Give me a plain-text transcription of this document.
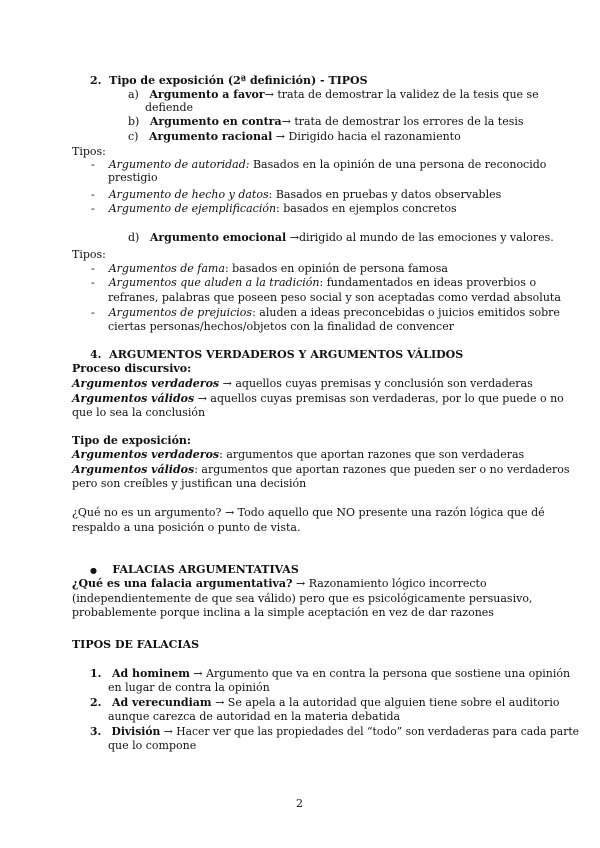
2. Tipo de exposición (2ª definición) - TIPOS
a) Argumento a favor→ trata de demostrar la validez de la tesis que se
defiende
b) Argumento en contra→ trata de demostrar los errores de la tesis
c) Argumento racional → Dirigido hacia el razonamiento
Tipos:
- Argumento de autoridad: Basados en la opinión de una persona de reconocido
prestigio
- Argumento de hecho y datos: Basados en pruebas y datos observables
- Argumento de ejemplificación: basados en ejemplos concretos
d) Argumento emocional →dirigido al mundo de las emociones y valores.
Tipos:
- Argumentos de fama: basados en opinión de persona famosa
- Argumentos que aluden a la tradición: fundamentados en ideas proverbios o
refranes, palabras que poseen peso social y son aceptadas como verdad absoluta
- Argumentos de prejuicios: aluden a ideas preconcebidas o juicios emitidos sobre
ciertas personas/hechos/objetos con la finalidad de convencer
4. ARGUMENTOS VERDADEROS Y ARGUMENTOS VÁLIDOS
Proceso discursivo:
Argumentos verdaderos → aquellos cuyas premisas y conclusión son verdaderas
Argumentos válidos → aquellos cuyas premisas son verdaderas, por lo que puede o no
que lo sea la conclusión
Tipo de exposición:
Argumentos verdaderos: argumentos que aportan razones que son verdaderas
Argumentos válidos: argumentos que aportan razones que pueden ser o no verdaderos
pero son creíbles y justifican una decisión
¿Qué no es un argumento? → Todo aquello que NO presente una razón lógica que dé
respaldo a una posición o punto de vista.
● FALACIAS ARGUMENTATIVAS
¿Qué es una falacia argumentativa? → Razonamiento lógico incorrecto
(independientemente de que sea válido) pero que es psicológicamente persuasivo,
probablemente porque inclina a la simple aceptación en vez de dar razones
TIPOS DE FALACIAS
1. Ad hominem → Argumento que va en contra la persona que sostiene una opinión
en lugar de contra la opinión
2. Ad verecundiam → Se apela a la autoridad que alguien tiene sobre el auditorio
aunque carezca de autoridad en la materia debatida
3. División → Hacer ver que las propiedades del “todo” son verdaderas para cada parte
que lo compone
2
